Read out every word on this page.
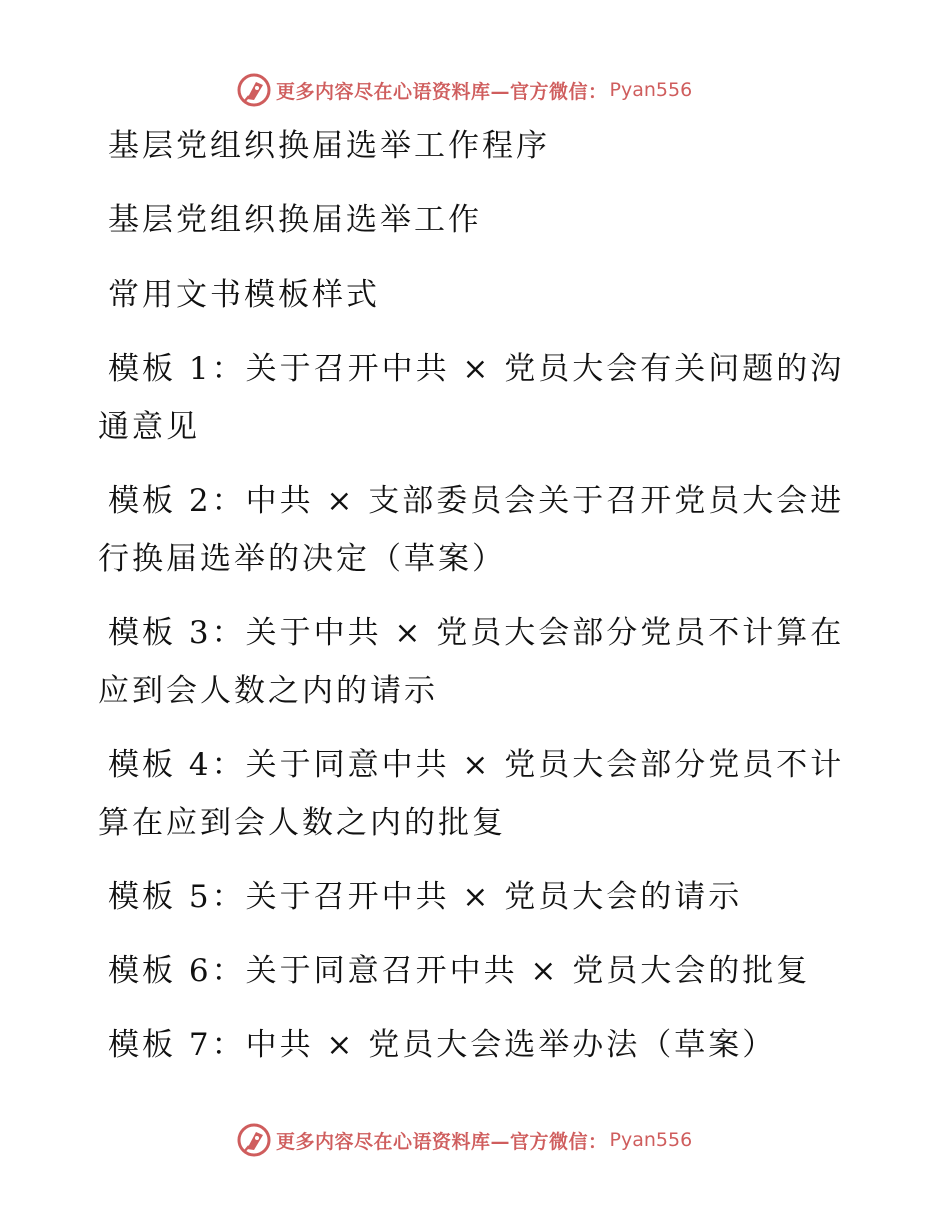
更多内容尽在心语资料库—官方微信： Pyan556

基层党组织换届选举工作程序

基层党组织换届选举工作

常用文书模板样式

模板 1：关于召开中共 × 党员大会有关问题的沟通意见

模板 2：中共 × 支部委员会关于召开党员大会进行换届选举的决定（草案）

模板 3：关于中共 × 党员大会部分党员不计算在应到会人数之内的请示

模板 4：关于同意中共 × 党员大会部分党员不计算在应到会人数之内的批复

模板 5：关于召开中共 × 党员大会的请示

模板 6：关于同意召开中共 × 党员大会的批复

模板 7：中共 × 党员大会选举办法（草案）

更多内容尽在心语资料库—官方微信： Pyan556
